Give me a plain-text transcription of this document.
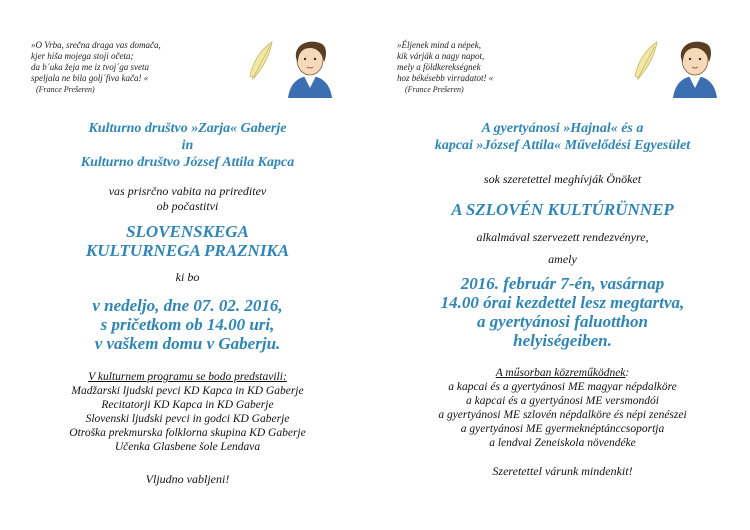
»O Vrba, srečna draga vas domača,
kjer hiša mojega stoji očeta;
da b´uka žeja me iz tvoj´ga sveta
speljala ne bila golj´fiva kača! «
(France Prešeren)
Kulturno društvo »Zarja« Gaberje
in
Kulturno društvo József Attila Kapca
vas prisrčno vabita na prireditev
ob počastitvi
SLOVENSKEGA
KULTURNEGA PRAZNIKA
ki bo
v nedeljo, dne 07. 02. 2016,
s pričetkom ob 14.00 uri,
v vaškem domu v Gaberju.
V kulturnem programu se bodo predstavili:
Madžarski ljudski pevci KD Kapca in KD Gaberje
Recitatorji KD Kapca in KD Gaberje
Slovenski ljudski pevci in godci KD Gaberje
Otroška prekmurska folklorna skupina KD Gaberje
Učenka Glasbene šole Lendava
Vljudno vabljeni!
»Éljenek mind a népek,
kik várják a nagy napot,
mely a földkerekségnek
hoz békésebb virradatot! «
(France Prešeren)
A gyertyánosi »Hajnal« és a
kapcai »József Attila« Művelődési Egyesület
sok szeretettel meghívják Önöket
A SZLOVÉN KULTÚRÜNNEP
alkalmával szervezett rendezvényre,
amely
2016. február 7-én, vasárnap
14.00 órai kezdettel lesz megtartva,
a gyertyánosi faluotthon
helyiségeiben.
A műsorban közreműködnek:
a kapcai és a gyertyánosi ME magyar népdalköre
a kapcai és a gyertyánosi ME versmondói
a gyertyánosi ME szlovén népdalköre és népi zenészei
a gyertyánosi ME gyermeknéptánccsoportja
a lendvai Zeneiskola növendéke
Szeretettel várunk mindenkit!
